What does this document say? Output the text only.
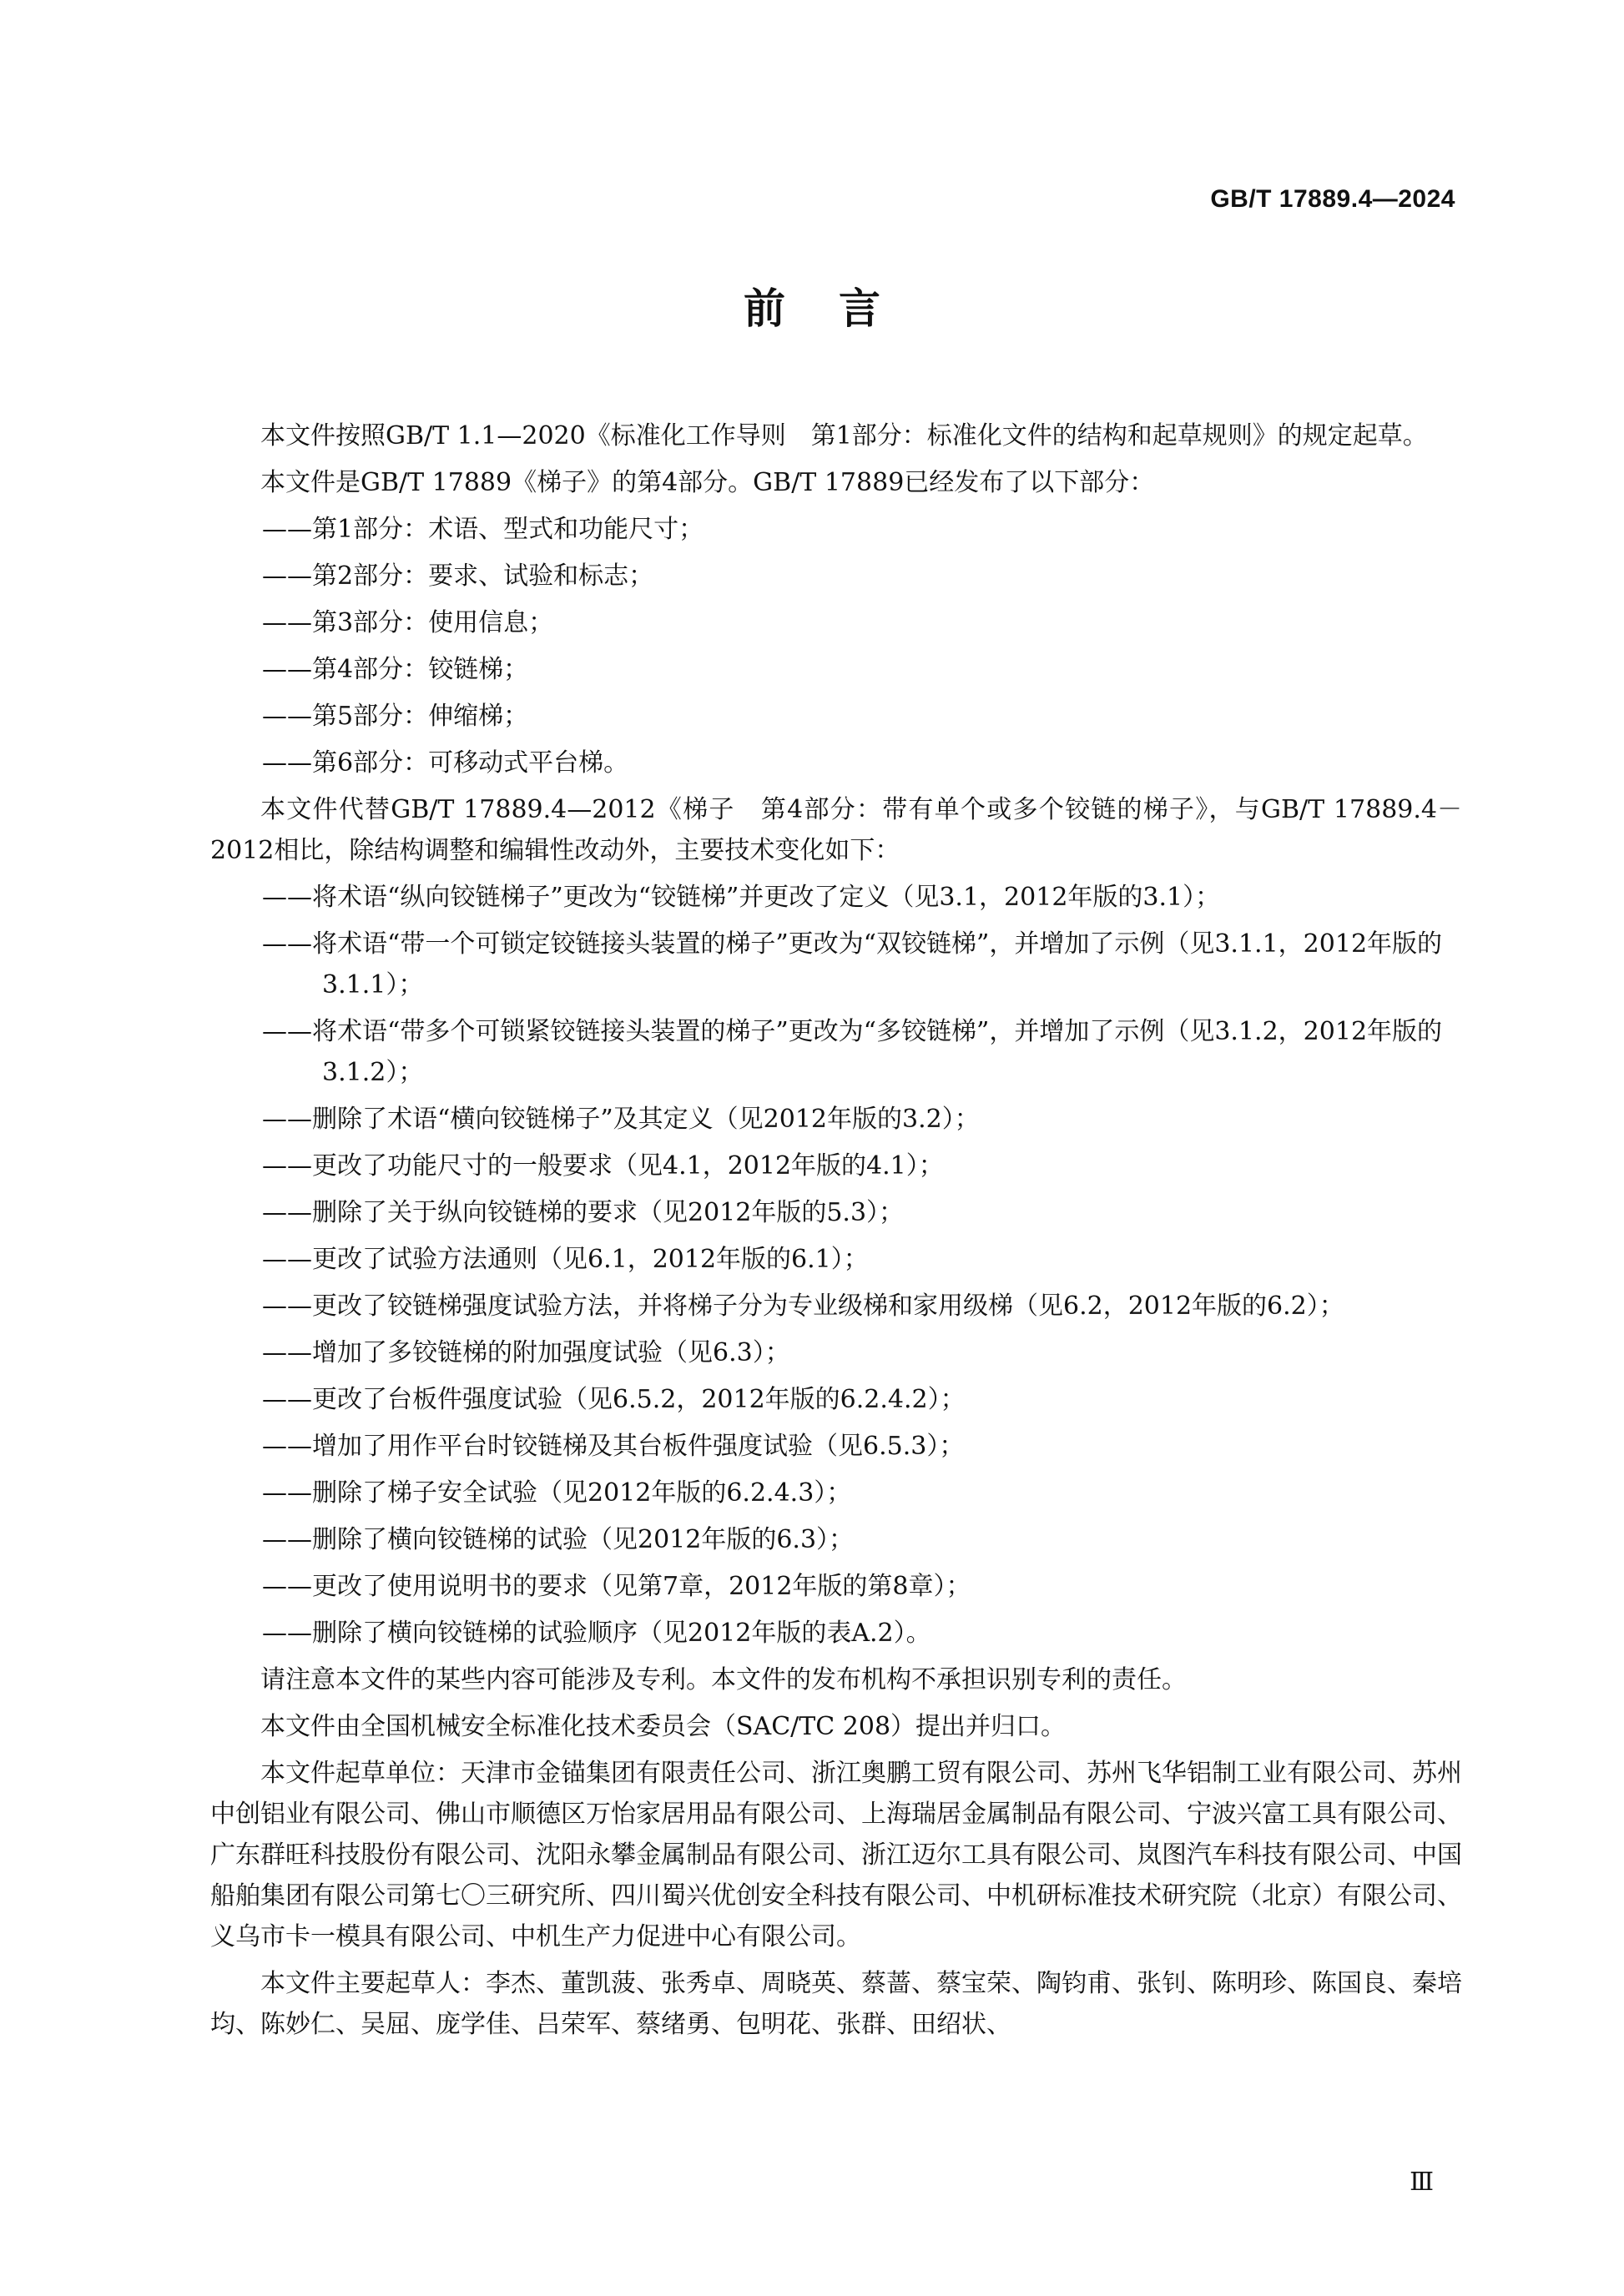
GB/T 17889.4—2024
前言

本文件按照GB/T 1.1—2020《标准化工作导则　第1部分：标准化文件的结构和起草规则》的规定起草。

本文件是GB/T 17889《梯子》的第4部分。GB/T 17889已经发布了以下部分：

——第1部分：术语、型式和功能尺寸；
——第2部分：要求、试验和标志；
——第3部分：使用信息；
——第4部分：铰链梯；
——第5部分：伸缩梯；
——第6部分：可移动式平台梯。

本文件代替GB/T 17889.4—2012《梯子　第4部分：带有单个或多个铰链的梯子》，与GB/T 17889.4－2012相比，除结构调整和编辑性改动外，主要技术变化如下：

——将术语“纵向铰链梯子”更改为“铰链梯”并更改了定义（见3.1，2012年版的3.1）；
——将术语“带一个可锁定铰链接头装置的梯子”更改为“双铰链梯”，并增加了示例（见3.1.1，2012年版的3.1.1）；
——将术语“带多个可锁紧铰链接头装置的梯子”更改为“多铰链梯”，并增加了示例（见3.1.2，2012年版的3.1.2）；
——删除了术语“横向铰链梯子”及其定义（见2012年版的3.2）；
——更改了功能尺寸的一般要求（见4.1，2012年版的4.1）；
——删除了关于纵向铰链梯的要求（见2012年版的5.3）；
——更改了试验方法通则（见6.1，2012年版的6.1）；
——更改了铰链梯强度试验方法，并将梯子分为专业级梯和家用级梯（见6.2，2012年版的6.2）；
——增加了多铰链梯的附加强度试验（见6.3）；
——更改了台板件强度试验（见6.5.2，2012年版的6.2.4.2）；
——增加了用作平台时铰链梯及其台板件强度试验（见6.5.3）；
——删除了梯子安全试验（见2012年版的6.2.4.3）；
——删除了横向铰链梯的试验（见2012年版的6.3）；
——更改了使用说明书的要求（见第7章，2012年版的第8章）；
——删除了横向铰链梯的试验顺序（见2012年版的表A.2）。

请注意本文件的某些内容可能涉及专利。本文件的发布机构不承担识别专利的责任。

本文件由全国机械安全标准化技术委员会（SAC/TC 208）提出并归口。

本文件起草单位：天津市金锚集团有限责任公司、浙江奥鹏工贸有限公司、苏州飞华铝制工业有限公司、苏州中创铝业有限公司、佛山市顺德区万怡家居用品有限公司、上海瑞居金属制品有限公司、宁波兴富工具有限公司、广东群旺科技股份有限公司、沈阳永攀金属制品有限公司、浙江迈尔工具有限公司、岚图汽车科技有限公司、中国船舶集团有限公司第七〇三研究所、四川蜀兴优创安全科技有限公司、中机研标准技术研究院（北京）有限公司、义乌市卡一模具有限公司、中机生产力促进中心有限公司。

本文件主要起草人：李杰、董凯菠、张秀卓、周晓英、蔡蔷、蔡宝荣、陶钧甫、张钊、陈明珍、陈国良、秦培均、陈妙仁、吴屈、庞学佳、吕荣军、蔡绪勇、包明花、张群、田绍状、

Ⅲ
